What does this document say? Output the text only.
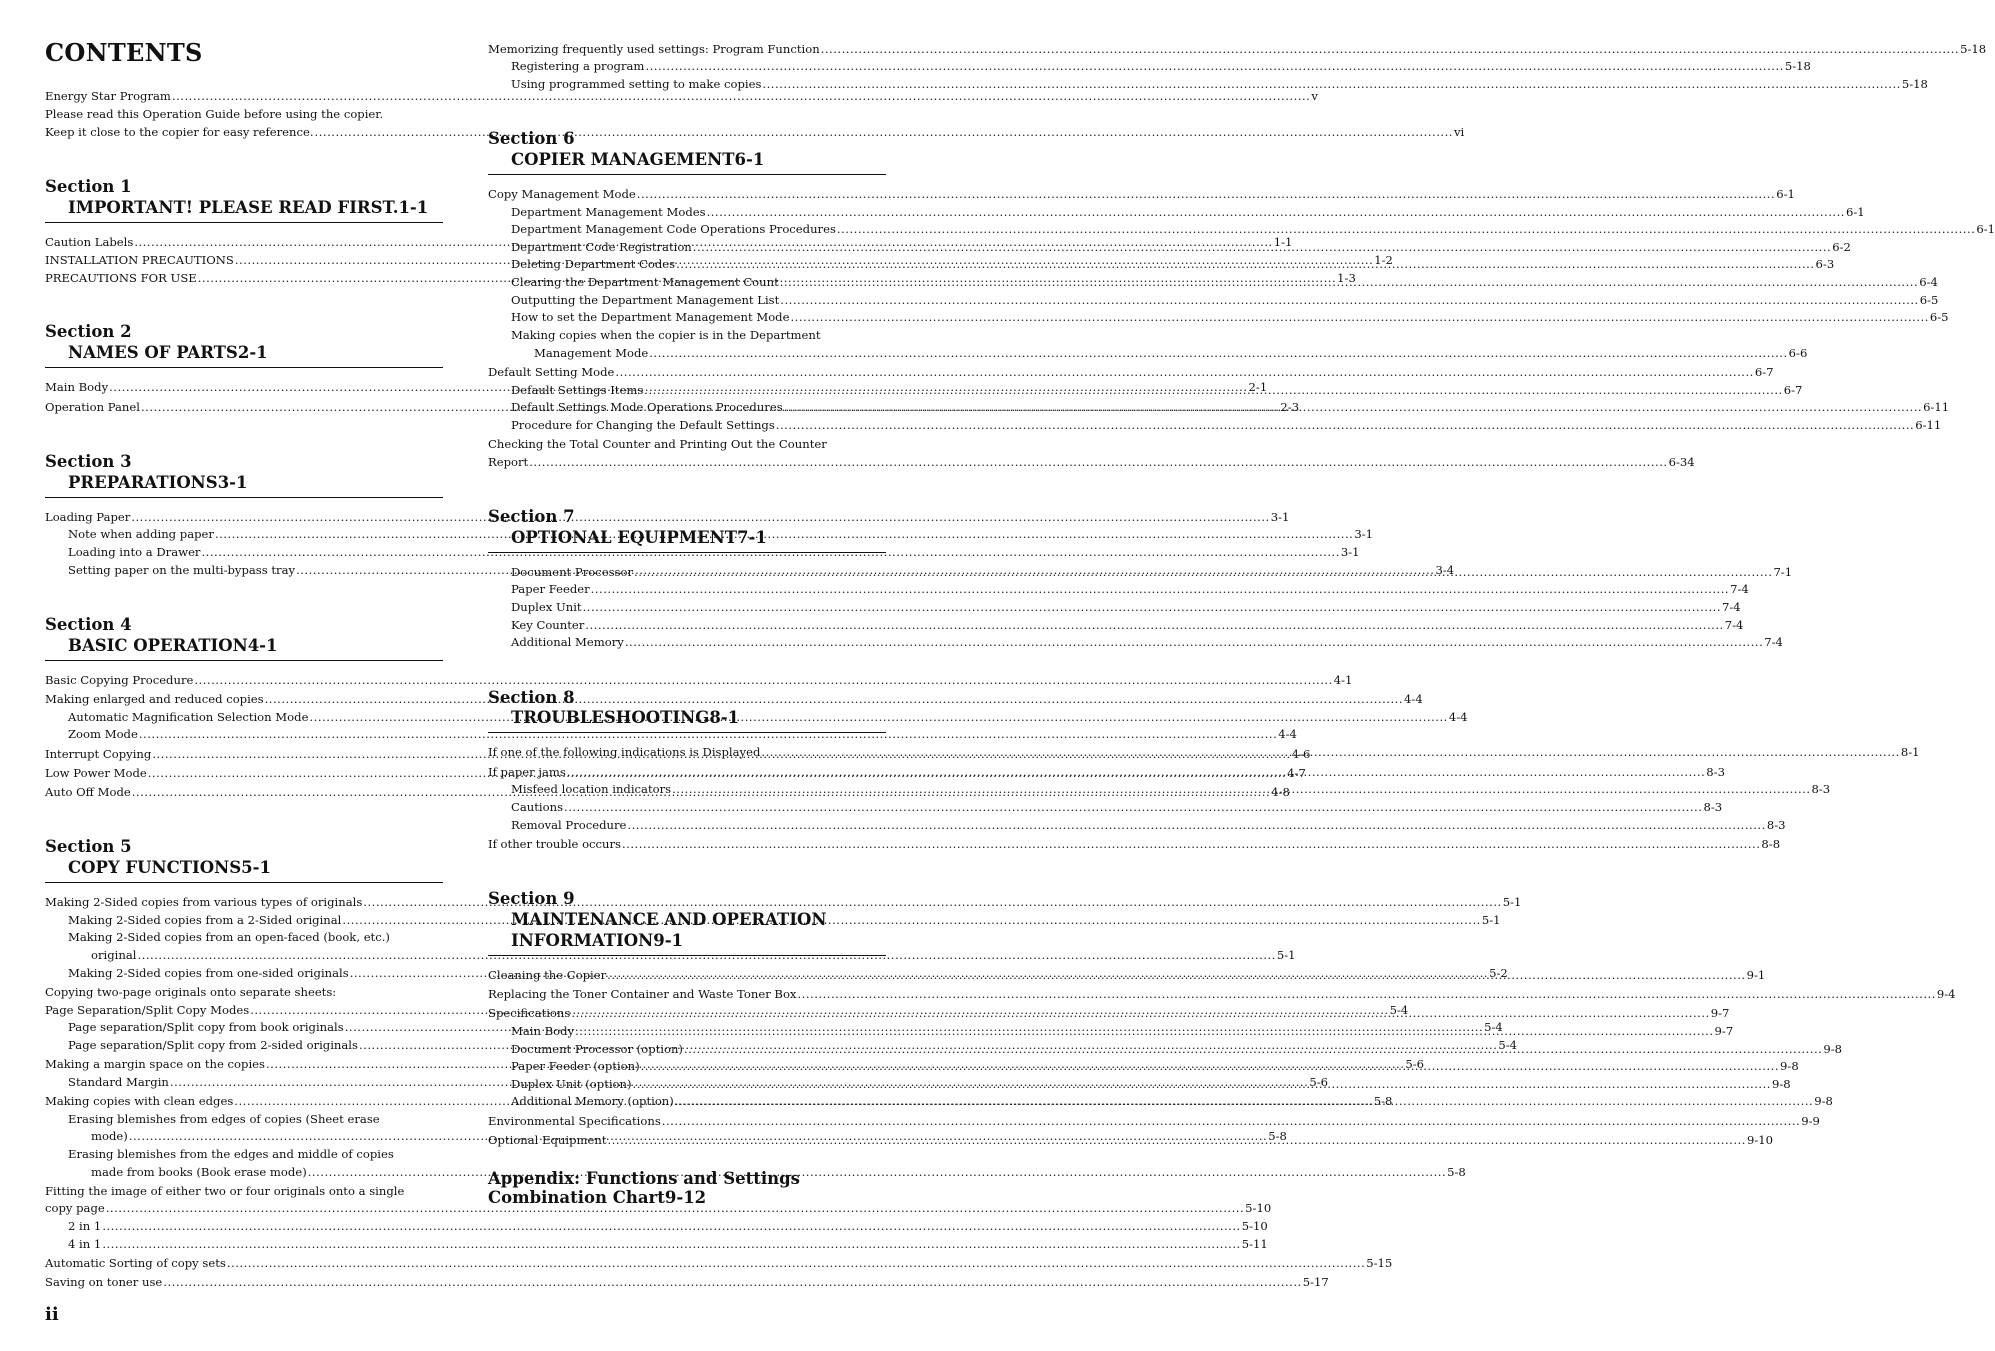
CONTENTS
Energy Star Program .....	v
Please read this Operation Guide before using the copier.
Keep it close to the copier for easy reference. .....	vi
Section 1
IMPORTANT! PLEASE READ FIRST. 1-1
Caution Labels .....	1-1
INSTALLATION PRECAUTIONS .....	1-2
PRECAUTIONS FOR USE .....	1-3
Section 2
NAMES OF PARTS 2-1
Main Body .....	2-1
Operation Panel .....	2-3
Section 3
PREPARATIONS 3-1
Loading Paper .....	3-1
Note when adding paper .....	3-1
Loading into a Drawer .....	3-1
Setting paper on the multi-bypass tray .....	3-4
Section 4
BASIC OPERATION 4-1
Basic Copying Procedure .....	4-1
Making enlarged and reduced copies .....	4-4
Automatic Magnification Selection Mode .....	4-4
Zoom Mode .....	4-4
Interrupt Copying .....	4-6
Low Power Mode .....	4-7
Auto Off Mode .....	4-8
Section 5
COPY FUNCTIONS 5-1
Making 2-Sided copies from various types of originals .....	5-1
Making 2-Sided copies from a 2-Sided original .....	5-1
Making 2-Sided copies from an open-faced (book, etc.)
original .....	5-1
Making 2-Sided copies from one-sided originals .....	5-2
Copying two-page originals onto separate sheets:
Page Separation/Split Copy Modes .....	5-4
Page separation/Split copy from book originals .....	5-4
Page separation/Split copy from 2-sided originals .....	5-4
Making a margin space on the copies .....	5-6
Standard Margin .....	5-6
Making copies with clean edges .....	5-8
Erasing blemishes from edges of copies (Sheet erase
mode) .....	5-8
Erasing blemishes from the edges and middle of copies
made from books (Book erase mode) .....	5-8
Fitting the image of either two or four originals onto a single
copy page .....	5-10
2 in 1 .....	5-10
4 in 1 .....	5-11
Automatic Sorting of copy sets .....	5-15
Saving on toner use .....	5-17
Memorizing frequently used settings: Program Function .....	5-18
Registering a program .....	5-18
Using programmed setting to make copies .....	5-18
Section 6
COPIER MANAGEMENT 6-1
Copy Management Mode .....	6-1
Department Management Modes .....	6-1
Department Management Code Operations Procedures .....	6-1
Department Code Registration .....	6-2
Deleting Department Codes .....	6-3
Clearing the Department Management Count .....	6-4
Outputting the Department Management List .....	6-5
How to set the Department Management Mode .....	6-5
Making copies when the copier is in the Department
Management Mode .....	6-6
Default Setting Mode .....	6-7
Default Settings Items .....	6-7
Default Settings Mode Operations Procedures .....	6-11
Procedure for Changing the Default Settings .....	6-11
Checking the Total Counter and Printing Out the Counter
Report .....	6-34
Section 7
OPTIONAL EQUIPMENT 7-1
Document Processor .....	7-1
Paper Feeder .....	7-4
Duplex Unit .....	7-4
Key Counter .....	7-4
Additional Memory .....	7-4
Section 8
TROUBLESHOOTING 8-1
If one of the following indications is Displayed .....	8-1
If paper jams .....	8-3
Misfeed location indicators .....	8-3
Cautions .....	8-3
Removal Procedure .....	8-3
If other trouble occurs .....	8-8
Section 9
MAINTENANCE AND OPERATION
INFORMATION 9-1
Cleaning the Copier .....	9-1
Replacing the Toner Container and Waste Toner Box .....	9-4
Specifications .....	9-7
Main Body .....	9-7
Document Processor (option) .....	9-8
Paper Feeder (option) .....	9-8
Duplex Unit (option) .....	9-8
Additional Memory (option) .....	9-8
Environmental Specifications .....	9-9
Optional Equipment .....	9-10
Appendix: Functions and Settings
Combination Chart 9-12
ii
